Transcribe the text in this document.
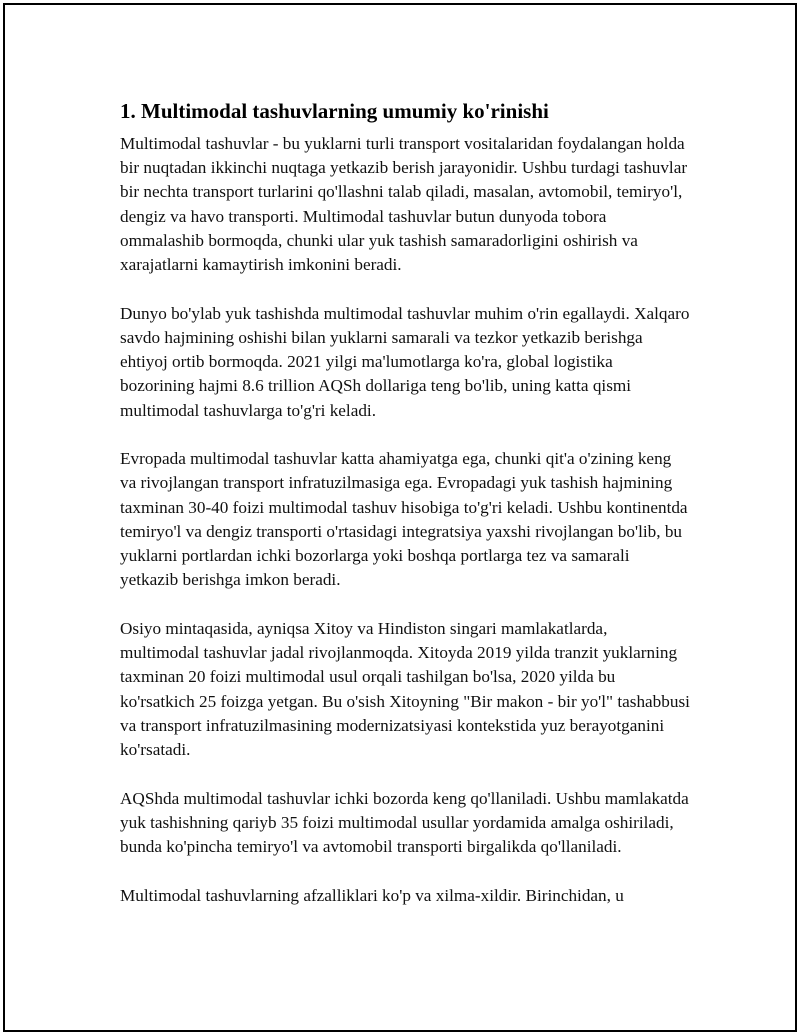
1. Multimodal tashuvlarning umumiy ko'rinishi

Multimodal tashuvlar - bu yuklarni turli transport vositalaridan foydalangan holda bir nuqtadan ikkinchi nuqtaga yetkazib berish jarayonidir. Ushbu turdagi tashuvlar bir nechta transport turlarini qo'llashni talab qiladi, masalan, avtomobil, temiryo'l, dengiz va havo transporti. Multimodal tashuvlar butun dunyoda tobora ommalashib bormoqda, chunki ular yuk tashish samaradorligini oshirish va xarajatlarni kamaytirish imkonini beradi.

Dunyo bo'ylab yuk tashishda multimodal tashuvlar muhim o'rin egallaydi. Xalqaro savdo hajmining oshishi bilan yuklarni samarali va tezkor yetkazib berishga ehtiyoj ortib bormoqda. 2021 yilgi ma'lumotlarga ko'ra, global logistika bozorining hajmi 8.6 trillion AQSh dollariga teng bo'lib, uning katta qismi multimodal tashuvlarga to'g'ri keladi.

Evropada multimodal tashuvlar katta ahamiyatga ega, chunki qit'a o'zining keng va rivojlangan transport infratuzilmasiga ega. Evropadagi yuk tashish hajmining taxminan 30-40 foizi multimodal tashuv hisobiga to'g'ri keladi. Ushbu kontinentda temiryo'l va dengiz transporti o'rtasidagi integratsiya yaxshi rivojlangan bo'lib, bu yuklarni portlardan ichki bozorlarga yoki boshqa portlarga tez va samarali yetkazib berishga imkon beradi.

Osiyo mintaqasida, ayniqsa Xitoy va Hindiston singari mamlakatlarda, multimodal tashuvlar jadal rivojlanmoqda. Xitoyda 2019 yilda tranzit yuklarning taxminan 20 foizi multimodal usul orqali tashilgan bo'lsa, 2020 yilda bu ko'rsatkich 25 foizga yetgan. Bu o'sish Xitoyning "Bir makon - bir yo'l" tashabbusi va transport infratuzilmasining modernizatsiyasi kontekstida yuz berayotganini ko'rsatadi.

AQShda multimodal tashuvlar ichki bozorda keng qo'llaniladi. Ushbu mamlakatda yuk tashishning qariyb 35 foizi multimodal usullar yordamida amalga oshiriladi, bunda ko'pincha temiryo'l va avtomobil transporti birgalikda qo'llaniladi.

Multimodal tashuvlarning afzalliklari ko'p va xilma-xildir. Birinchidan, u
